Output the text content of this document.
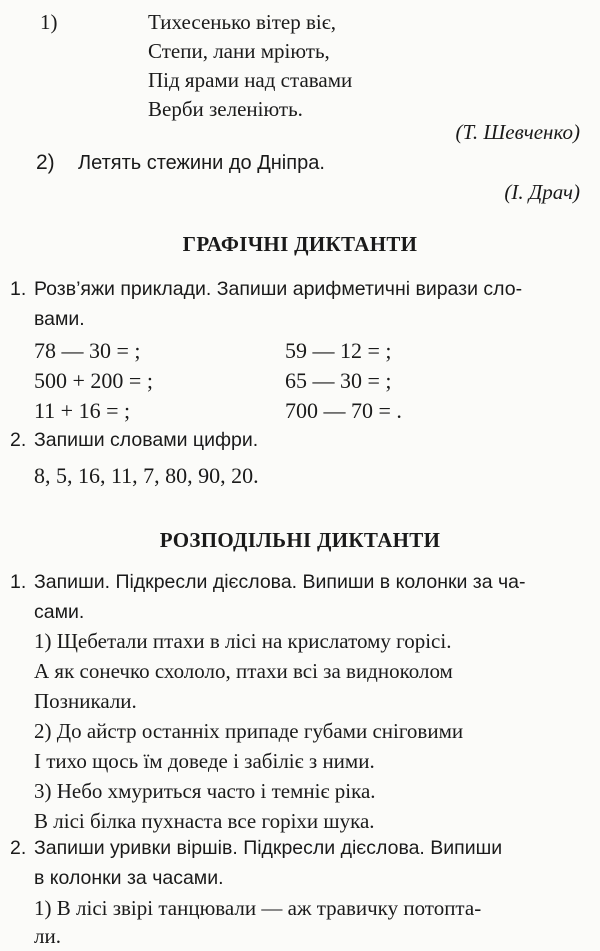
1)	Тихесенько вітер віє,
Степи, лани мріють,
Під ярами над ставами
Верби зеленіють.
(Т. Шевченко)
2) Летять стежини до Дніпра.
(І. Драч)
ГРАФІЧНІ ДИКТАНТИ
1. Розв’яжи приклади. Запиши арифметичні вирази сло-
вами.
78 — 30 = ;
500 + 200 = ;
11 + 16 = ;
59 — 12 = ;
65 — 30 = ;
700 — 70 = .
2. Запиши словами цифри.
8, 5, 16, 11, 7, 80, 90, 20.
РОЗПОДІЛЬНІ ДИКТАНТИ
1. Запиши. Підкресли дієслова. Випиши в колонки за ча-
сами.
1) Щебетали птахи в лісі на крислатому горісі.
А як сонечко схололо, птахи всі за видноколом
Позникали.
2) До айстр останніх припаде губами сніговими
І тихо щось їм доведе і забіліє з ними.
3) Небо хмуриться часто і темніє ріка.
В лісі білка пухнаста все горіхи шука.
2. Запиши уривки віршів. Підкресли дієслова. Випиши
в колонки за часами.
1) В лісі звірі танцювали — аж травичку потопта-
ли.
